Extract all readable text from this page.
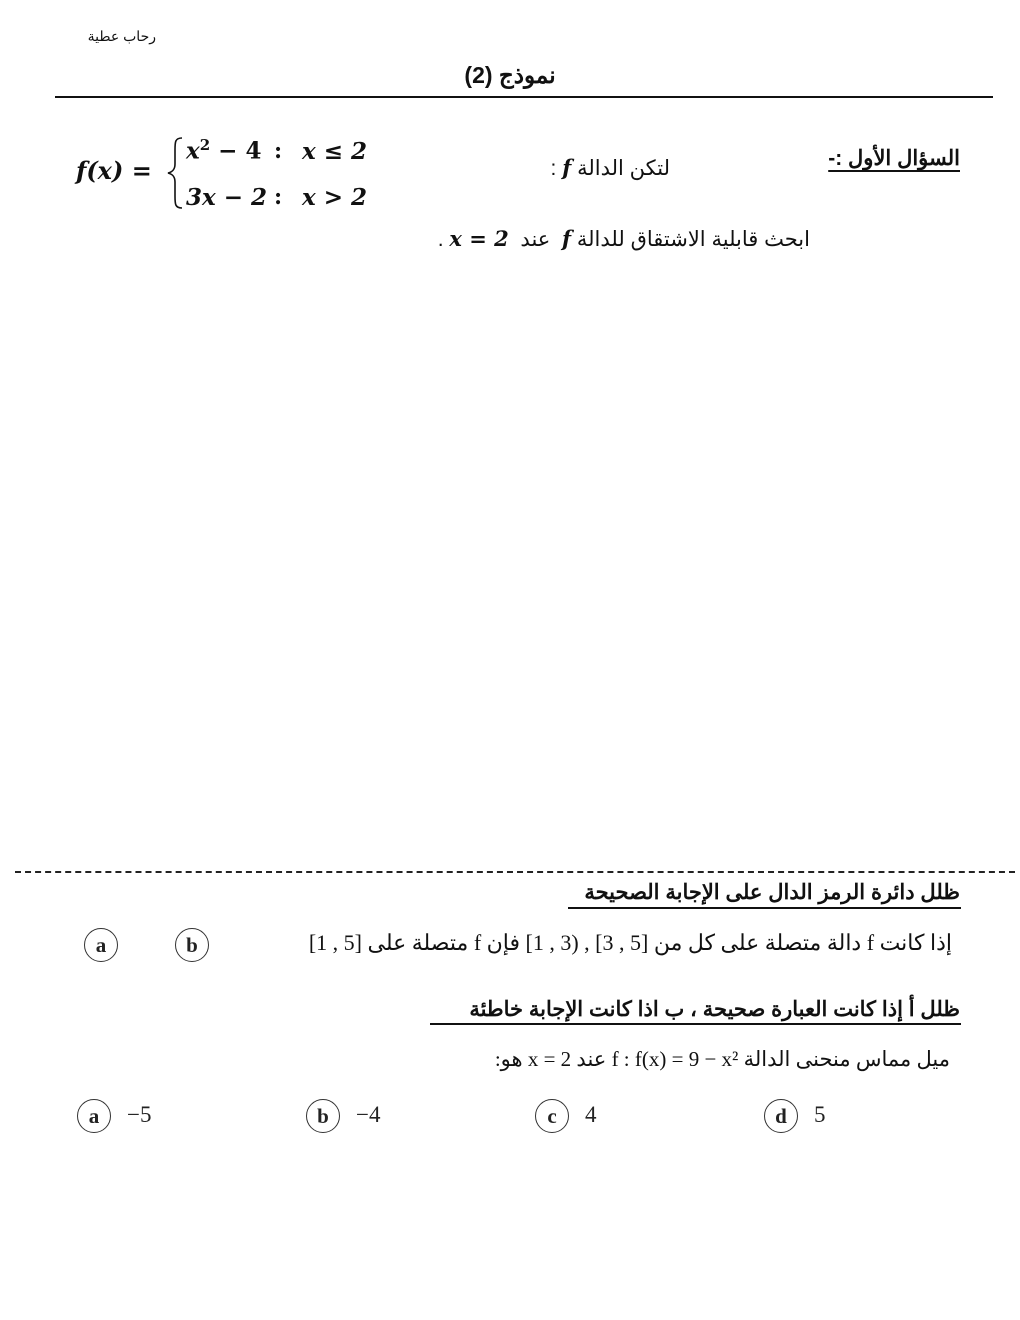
رحاب عطية
نموذج (2)
السؤال الأول :-
لتكن الدالة f :
f(x) =
$x^2 - 4$ : x ≤ 2
3x − 2 : x > 2
ابحث قابلية الاشتقاق للدالة f  عند  x = 2 .
ظلل دائرة الرمز الدال على الإجابة الصحيحة
a	b	إذا كانت f دالة متصلة على كل من [5 , 3] , (3 , 1] فإن f متصلة على [5 , 1]
ظلل أ إذا كانت العبارة صحيحة ، ب اذا كانت الإجابة خاطئة
ميل مماس منحنى الدالة f : f(x) = 9 − x² عند x = 2 هو:
a	−5	b	−4	c	4	d	5
